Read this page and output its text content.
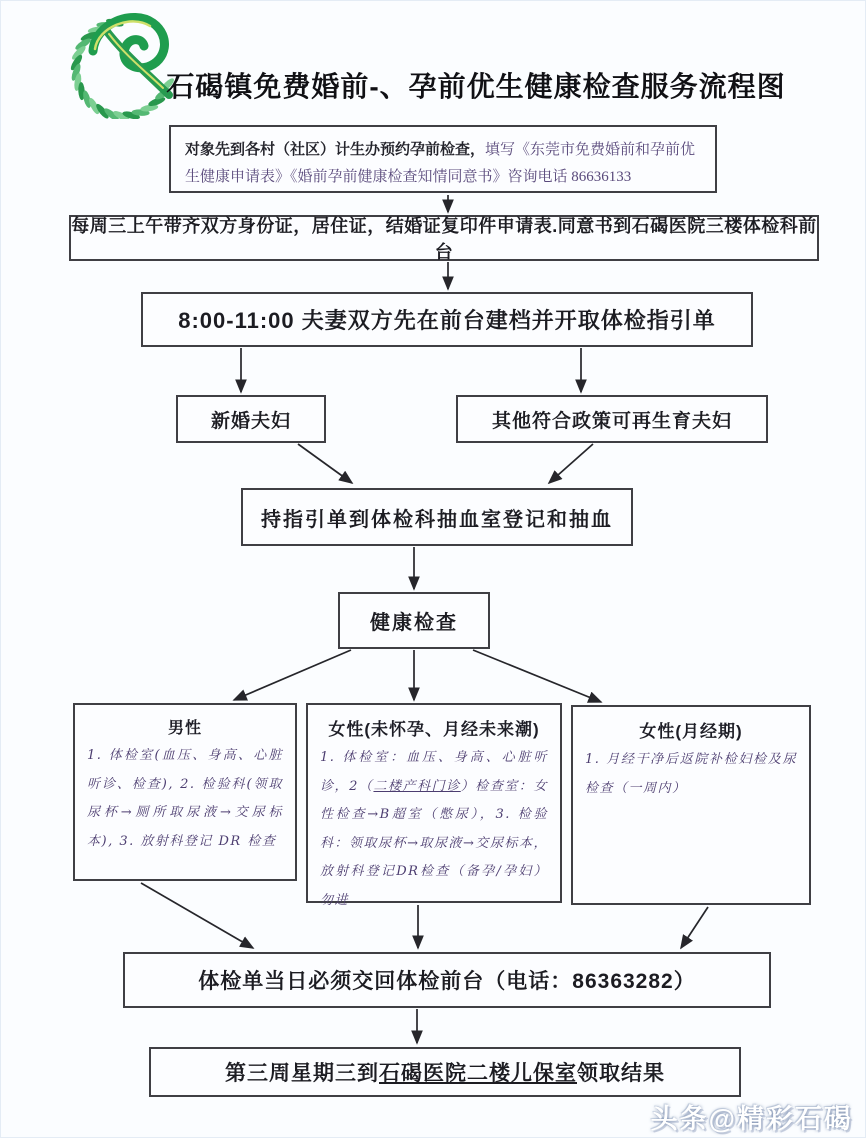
石碣镇免费婚前-、孕前优生健康检查服务流程图
对象先到各村（社区）计生办预约孕前检查，填写《东莞市免费婚前和孕前优生健康申请表》《婚前孕前健康检查知情同意书》咨询电话 86636133
每周三上午带齐双方身份证，居住证，结婚证复印件申请表.同意书到石碣医院三楼体检科前台
8:00-11:00 夫妻双方先在前台建档并开取体检指引单
新婚夫妇	其他符合政策可再生育夫妇
持指引单到体检科抽血室登记和抽血
健康检查
男性
1. 体检室(血压、身高、心脏听诊、检查), 2. 检验科(领取尿杯→厕所取尿液→交尿标本), 3. 放射科登记 DR 检查
女性(未怀孕、月经未来潮)
1. 体检室：血压、身高、心脏听诊，2（二楼产科门诊）检查室：女性检查→B超室（憋尿），3. 检验科：领取尿杯→取尿液→交尿标本，放射科登记DR检查（备孕/孕妇）勿进
女性(月经期)
1. 月经干净后返院补检妇检及尿检查（一周内）
体检单当日必须交回体检前台（电话：86363282）
第三周星期三到石碣医院二楼儿保室领取结果
头条@精彩石碣
